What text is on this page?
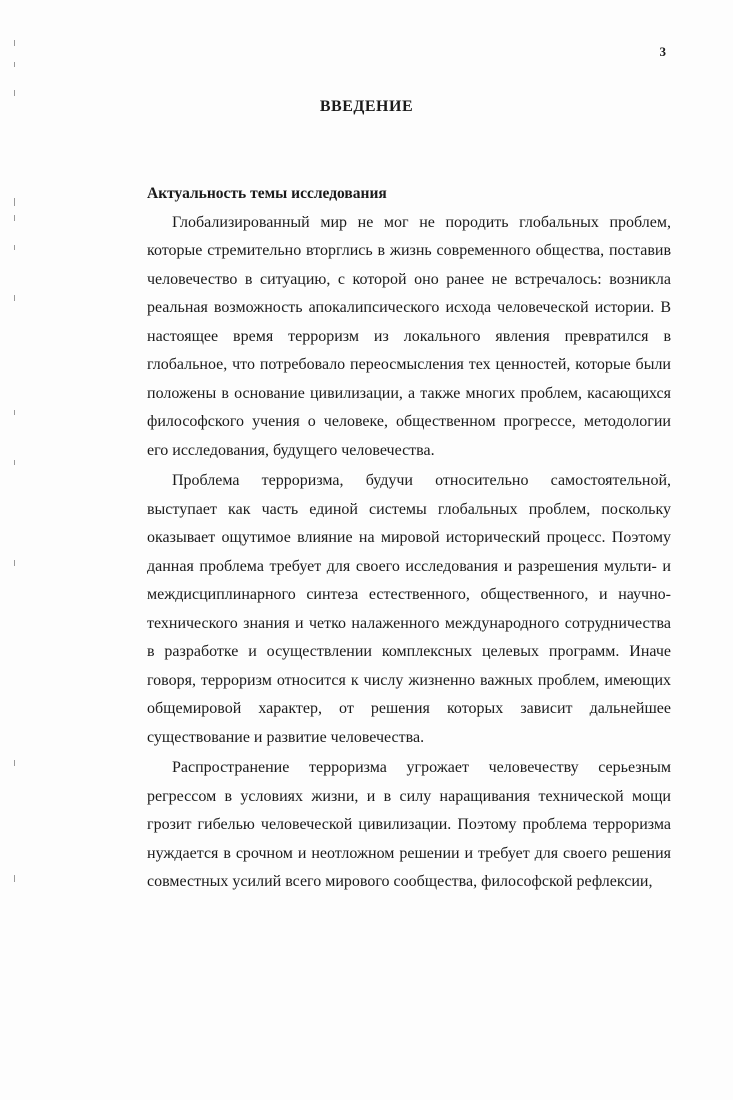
3
ВВЕДЕНИЕ

Актуальность темы исследования

Глобализированный мир не мог не породить глобальных проблем, которые стремительно вторглись в жизнь современного общества, поставив человечество в ситуацию, с которой оно ранее не встречалось: возникла реальная возможность апокалипсического исхода человеческой истории. В настоящее время терроризм из локального явления превратился в глобальное, что потребовало переосмысления тех ценностей, которые были положены в основание цивилизации, а также многих проблем, касающихся философского учения о человеке, общественном прогрессе, методологии его исследования, будущего человечества.

Проблема терроризма, будучи относительно самостоятельной, выступает как часть единой системы глобальных проблем, поскольку оказывает ощутимое влияние на мировой исторический процесс. Поэтому данная проблема требует для своего исследования и разрешения мульти- и междисциплинарного синтеза естественного, общественного, и научно-технического знания и четко налаженного международного сотрудничества в разработке и осуществлении комплексных целевых программ. Иначе говоря, терроризм относится к числу жизненно важных проблем, имеющих общемировой характер, от решения которых зависит дальнейшее существование и развитие человечества.

Распространение терроризма угрожает человечеству серьезным регрессом в условиях жизни, и в силу наращивания технической мощи грозит гибелью человеческой цивилизации. Поэтому проблема терроризма нуждается в срочном и неотложном решении и требует для своего решения совместных усилий всего мирового сообщества, философской рефлексии,
